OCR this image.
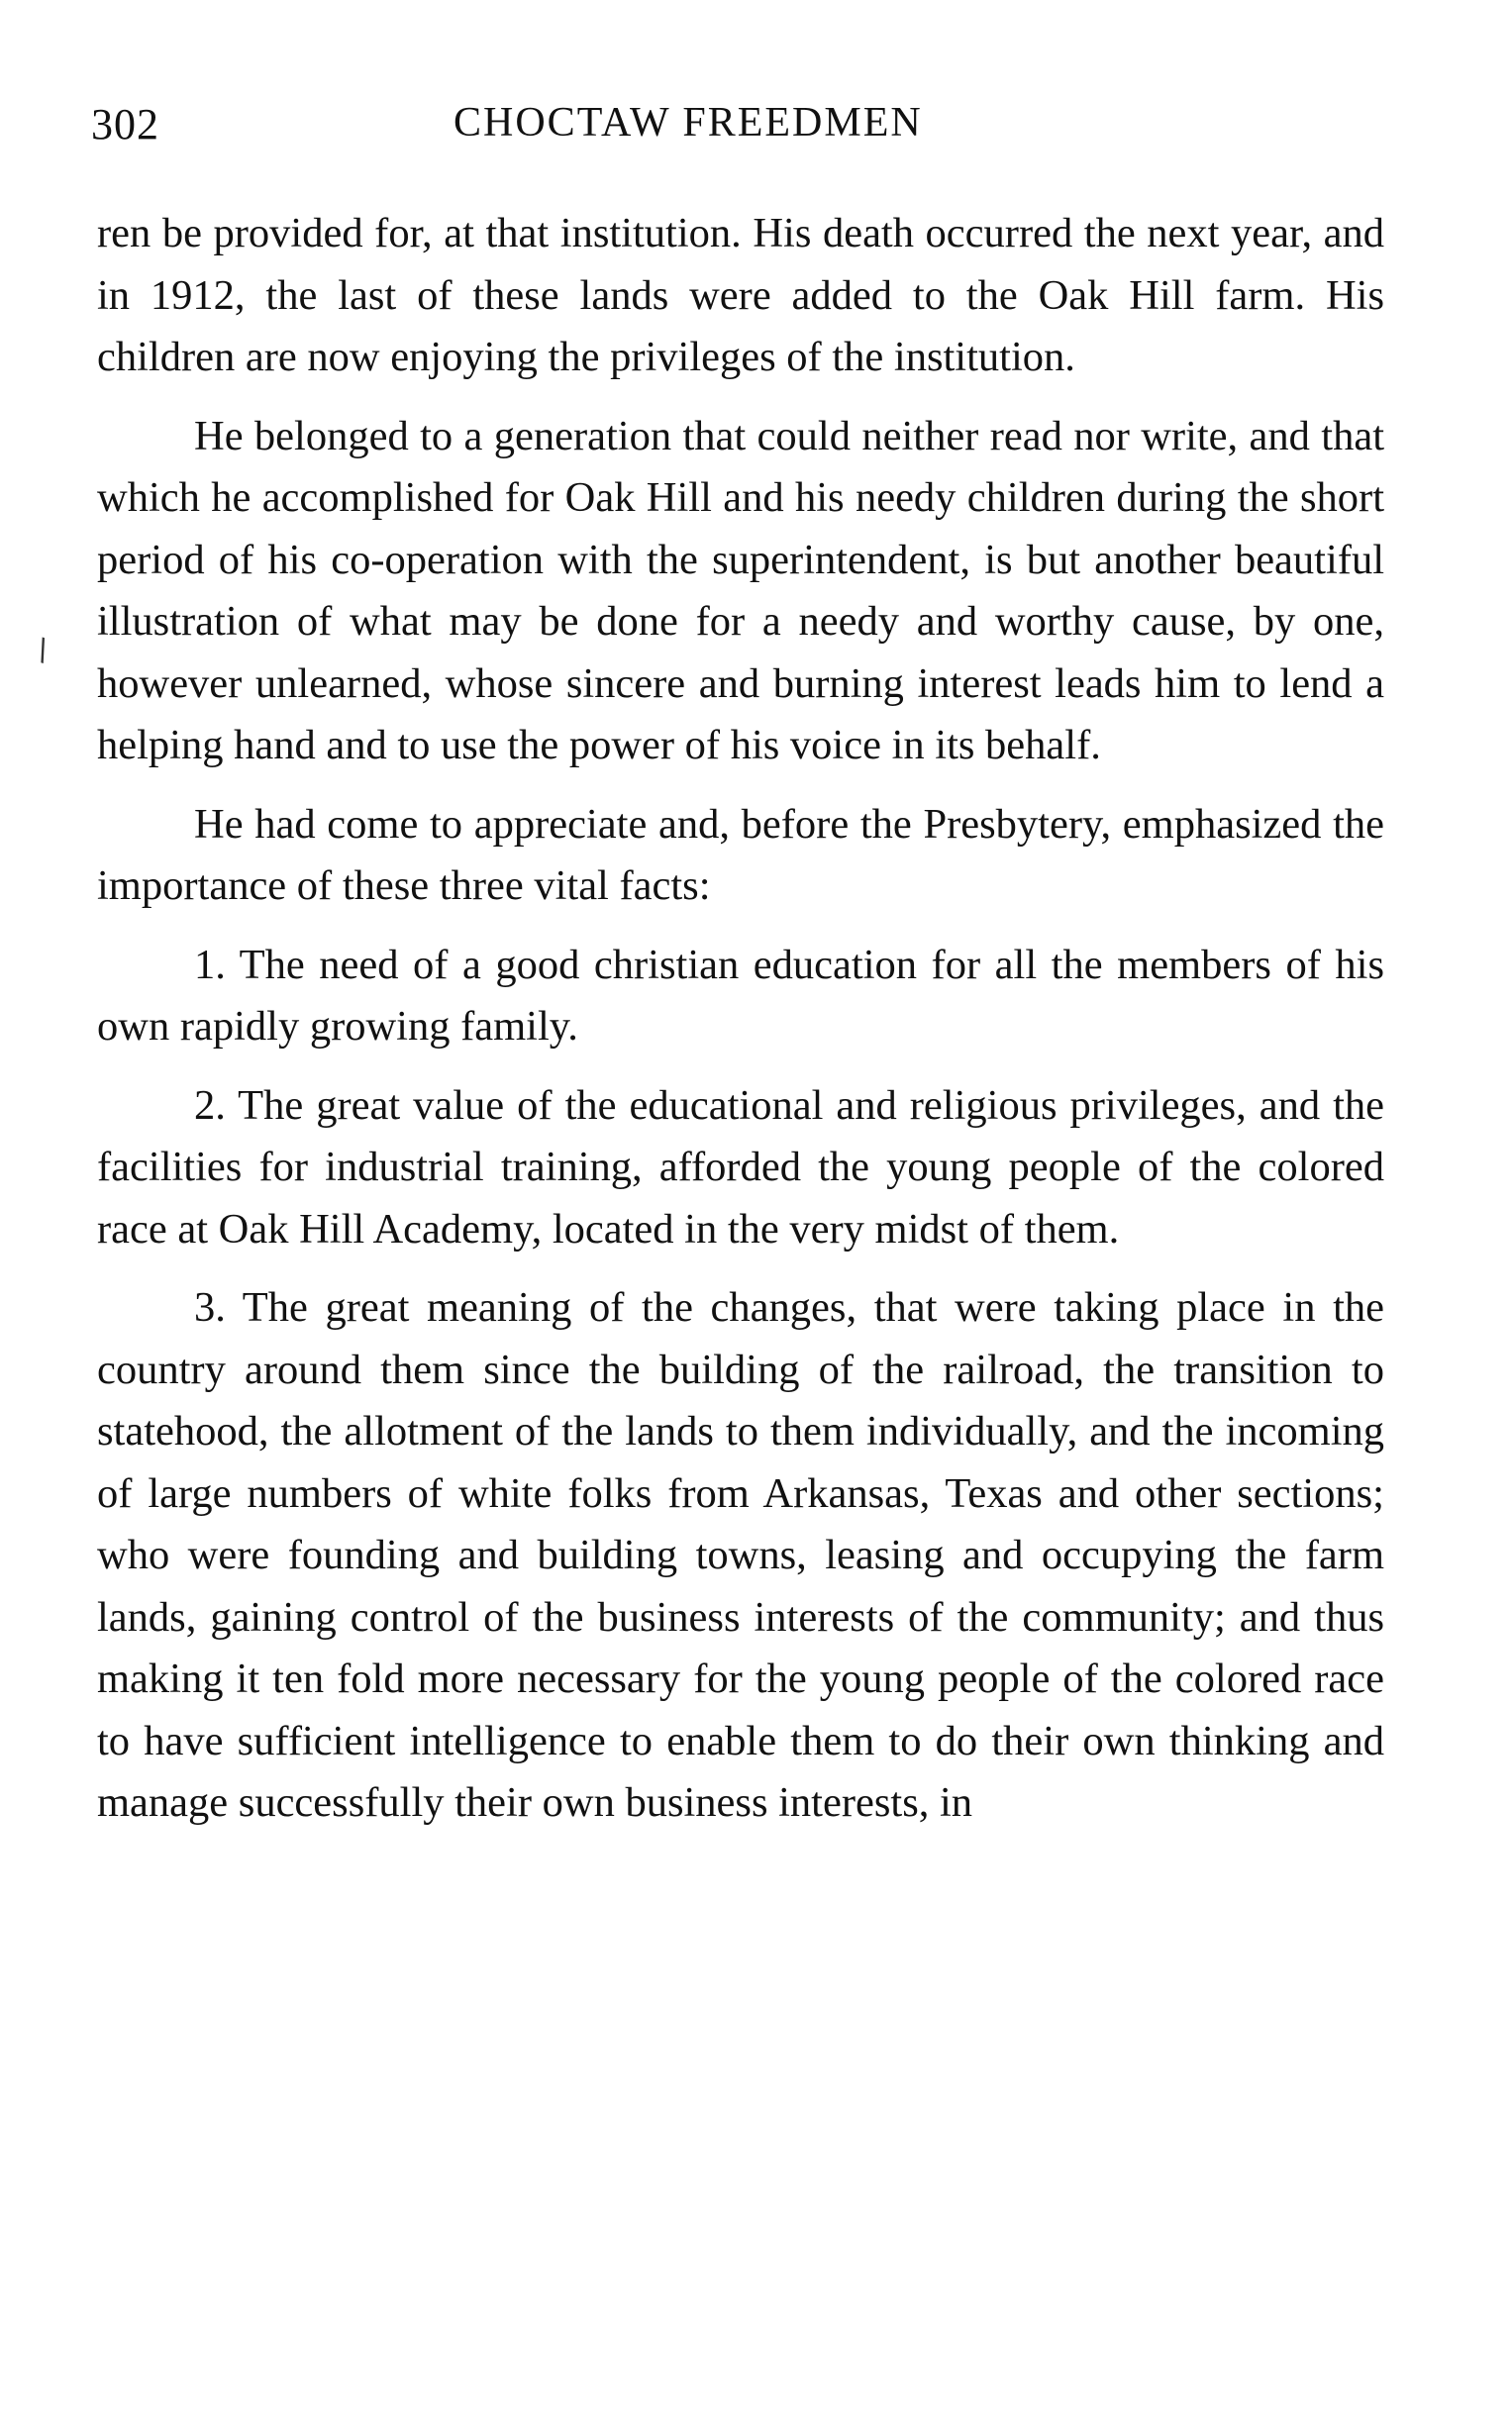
302	CHOCTAW FREEDMEN
∖

ren be provided for, at that institution. His death occurred the next year, and in 1912, the last of these lands were added to the Oak Hill farm. His children are now enjoying the privileges of the institution.

He belonged to a generation that could neither read nor write, and that which he accomplished for Oak Hill and his needy children during the short period of his co-operation with the superintendent, is but another beautiful illustration of what may be done for a needy and worthy cause, by one, however unlearned, whose sincere and burning interest leads him to lend a helping hand and to use the power of his voice in its behalf.

He had come to appreciate and, before the Presbytery, emphasized the importance of these three vital facts:

1. The need of a good christian education for all the members of his own rapidly growing family.

2. The great value of the educational and religious privileges, and the facilities for industrial training, afforded the young people of the colored race at Oak Hill Academy, located in the very midst of them.

3. The great meaning of the changes, that were taking place in the country around them since the building of the railroad, the transition to statehood, the allotment of the lands to them individually, and the incoming of large numbers of white folks from Arkansas, Texas and other sections; who were founding and building towns, leasing and occupying the farm lands, gaining control of the business interests of the community; and thus making it ten fold more necessary for the young people of the colored race to have sufficient intelligence to enable them to do their own thinking and manage successfully their own business interests, in
